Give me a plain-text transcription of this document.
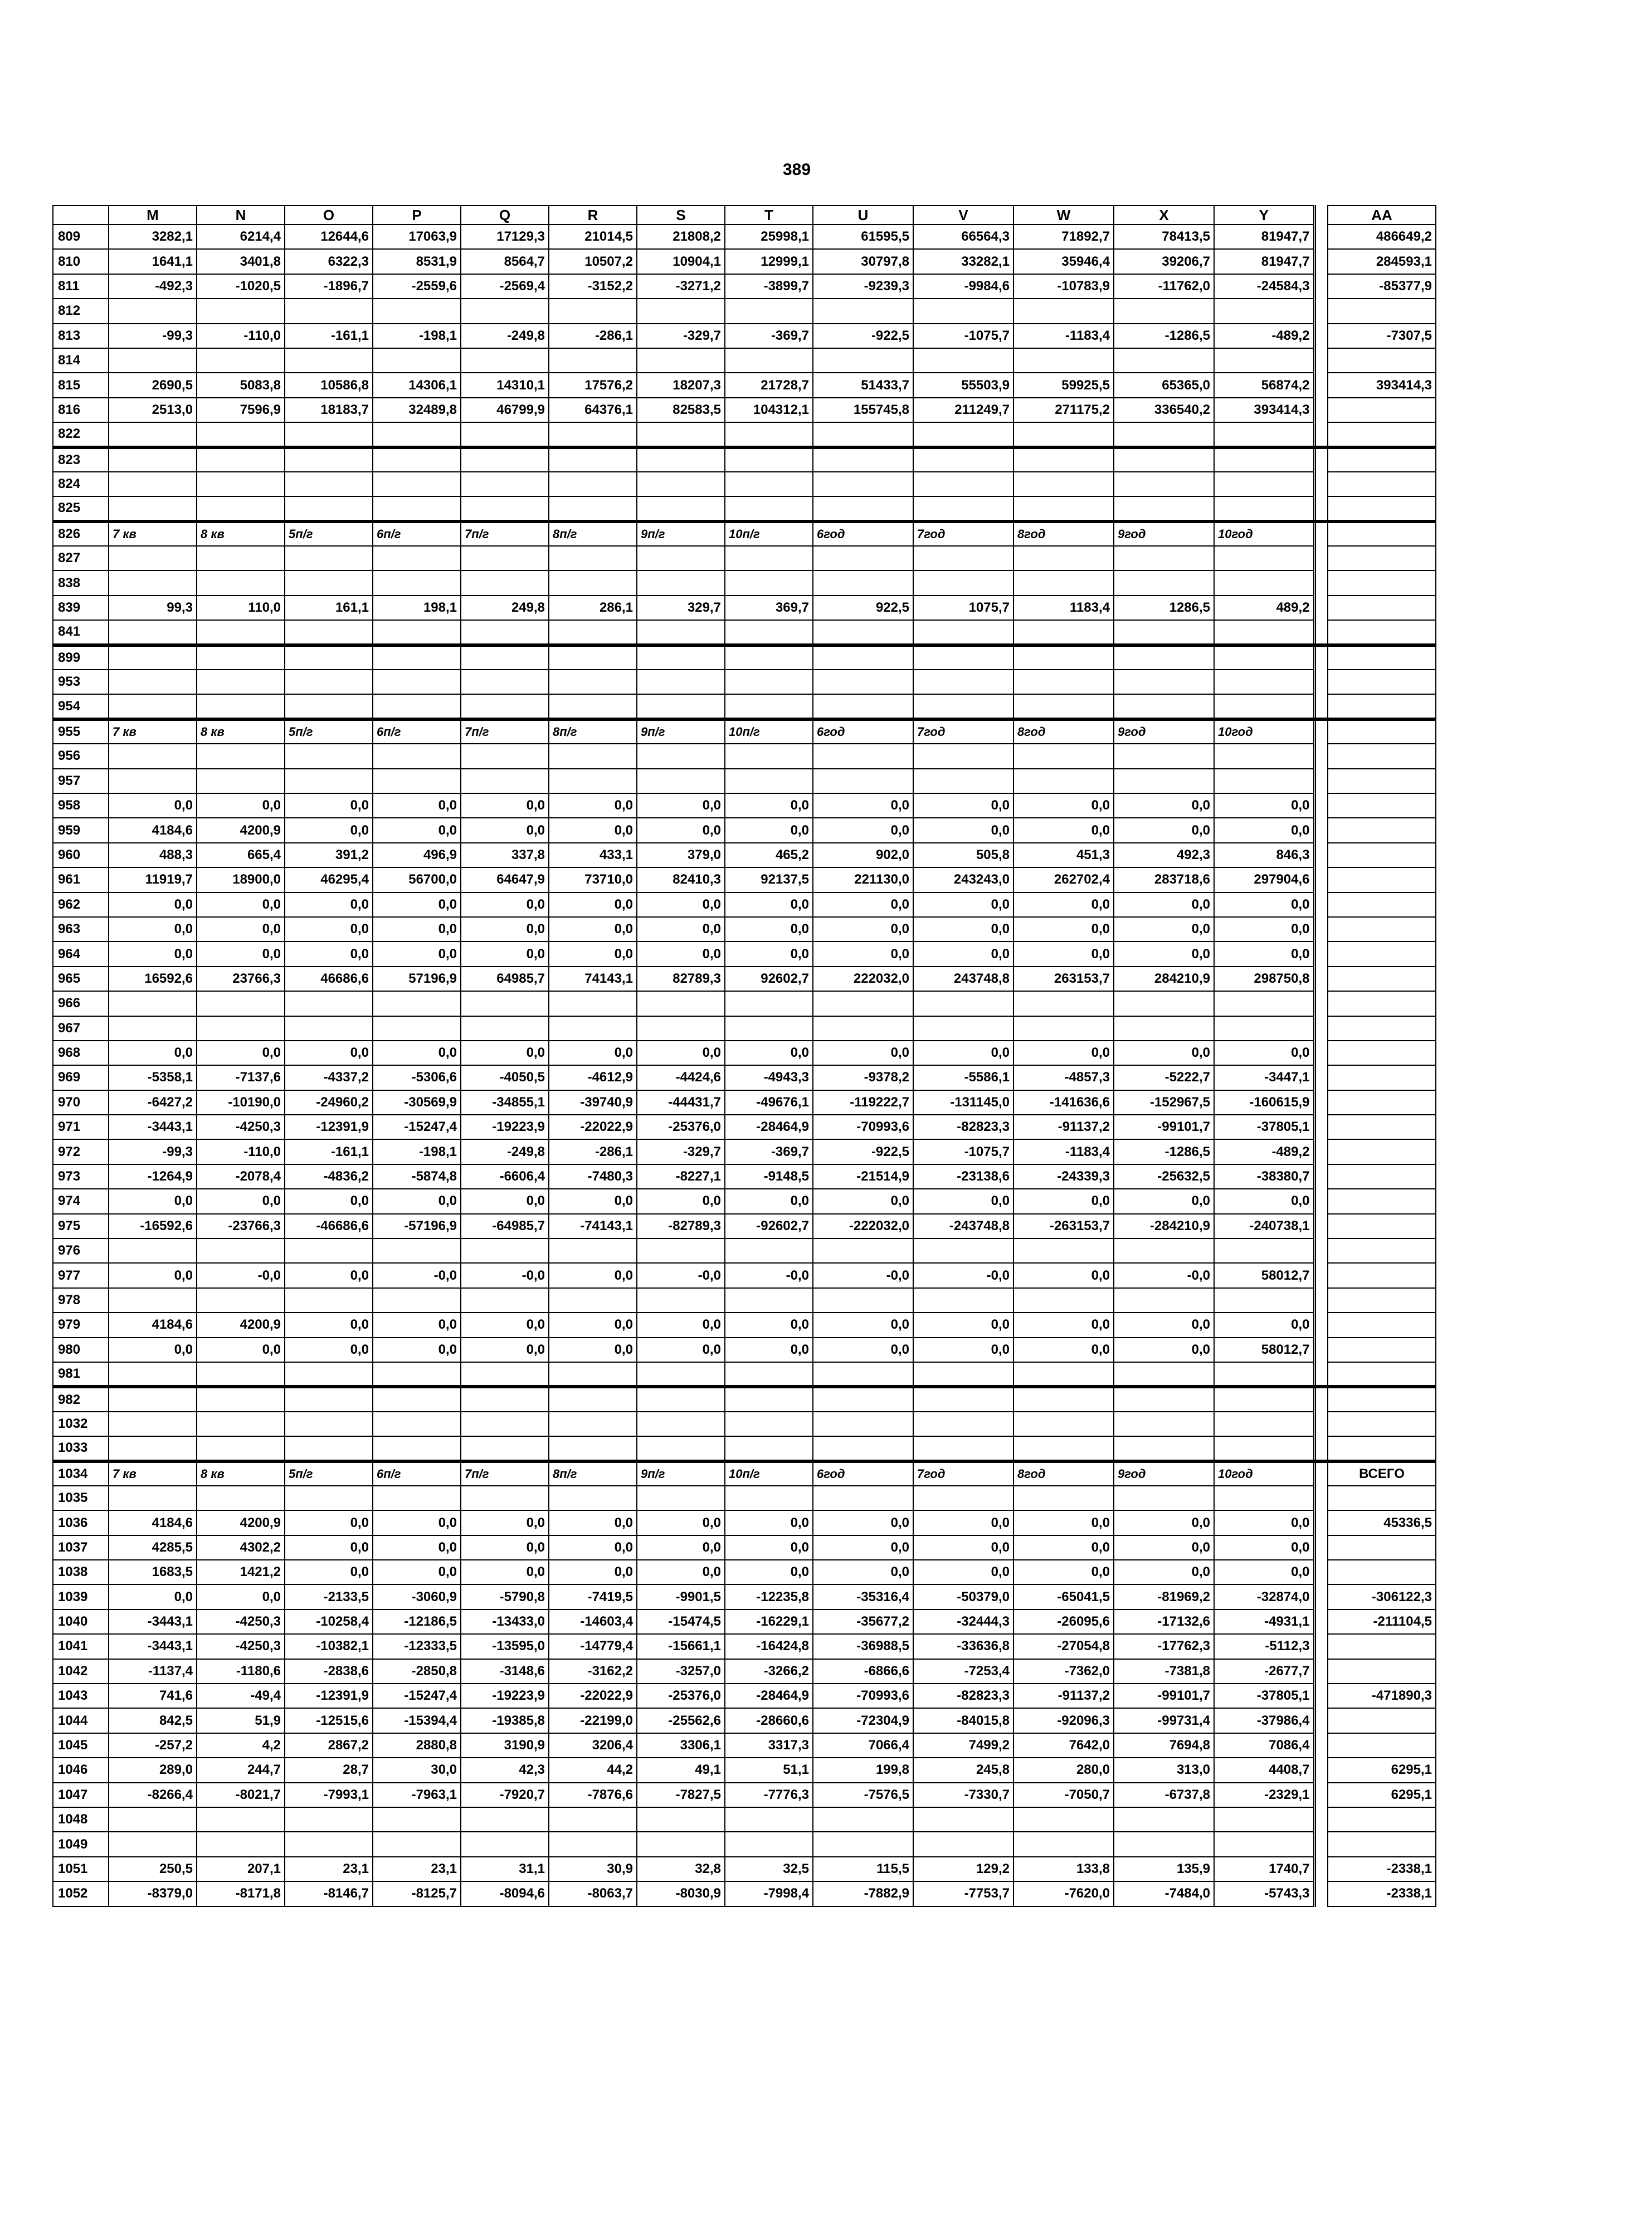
389
	M	N	O	P	Q	R	S	T	U	V	W	X	Y		AA
809	3282,1	6214,4	12644,6	17063,9	17129,3	21014,5	21808,2	25998,1	61595,5	66564,3	71892,7	78413,5	81947,7		486649,2
810	1641,1	3401,8	6322,3	8531,9	8564,7	10507,2	10904,1	12999,1	30797,8	33282,1	35946,4	39206,7	81947,7		284593,1
811	-492,3	-1020,5	-1896,7	-2559,6	-2569,4	-3152,2	-3271,2	-3899,7	-9239,3	-9984,6	-10783,9	-11762,0	-24584,3		-85377,9
812															
813	-99,3	-110,0	-161,1	-198,1	-249,8	-286,1	-329,7	-369,7	-922,5	-1075,7	-1183,4	-1286,5	-489,2		-7307,5
814															
815	2690,5	5083,8	10586,8	14306,1	14310,1	17576,2	18207,3	21728,7	51433,7	55503,9	59925,5	65365,0	56874,2		393414,3
816	2513,0	7596,9	18183,7	32489,8	46799,9	64376,1	82583,5	104312,1	155745,8	211249,7	271175,2	336540,2	393414,3		
822															
823															
824															
825															
826	7 кв	8 кв	5п/г	6п/г	7п/г	8п/г	9п/г	10п/г	6год	7год	8год	9год	10год		
827															
838															
839	99,3	110,0	161,1	198,1	249,8	286,1	329,7	369,7	922,5	1075,7	1183,4	1286,5	489,2		
841															
899															
953															
954															
955	7 кв	8 кв	5п/г	6п/г	7п/г	8п/г	9п/г	10п/г	6год	7год	8год	9год	10год		
956															
957															
958	0,0	0,0	0,0	0,0	0,0	0,0	0,0	0,0	0,0	0,0	0,0	0,0	0,0		
959	4184,6	4200,9	0,0	0,0	0,0	0,0	0,0	0,0	0,0	0,0	0,0	0,0	0,0		
960	488,3	665,4	391,2	496,9	337,8	433,1	379,0	465,2	902,0	505,8	451,3	492,3	846,3		
961	11919,7	18900,0	46295,4	56700,0	64647,9	73710,0	82410,3	92137,5	221130,0	243243,0	262702,4	283718,6	297904,6		
962	0,0	0,0	0,0	0,0	0,0	0,0	0,0	0,0	0,0	0,0	0,0	0,0	0,0		
963	0,0	0,0	0,0	0,0	0,0	0,0	0,0	0,0	0,0	0,0	0,0	0,0	0,0		
964	0,0	0,0	0,0	0,0	0,0	0,0	0,0	0,0	0,0	0,0	0,0	0,0	0,0		
965	16592,6	23766,3	46686,6	57196,9	64985,7	74143,1	82789,3	92602,7	222032,0	243748,8	263153,7	284210,9	298750,8		
966															
967															
968	0,0	0,0	0,0	0,0	0,0	0,0	0,0	0,0	0,0	0,0	0,0	0,0	0,0		
969	-5358,1	-7137,6	-4337,2	-5306,6	-4050,5	-4612,9	-4424,6	-4943,3	-9378,2	-5586,1	-4857,3	-5222,7	-3447,1		
970	-6427,2	-10190,0	-24960,2	-30569,9	-34855,1	-39740,9	-44431,7	-49676,1	-119222,7	-131145,0	-141636,6	-152967,5	-160615,9		
971	-3443,1	-4250,3	-12391,9	-15247,4	-19223,9	-22022,9	-25376,0	-28464,9	-70993,6	-82823,3	-91137,2	-99101,7	-37805,1		
972	-99,3	-110,0	-161,1	-198,1	-249,8	-286,1	-329,7	-369,7	-922,5	-1075,7	-1183,4	-1286,5	-489,2		
973	-1264,9	-2078,4	-4836,2	-5874,8	-6606,4	-7480,3	-8227,1	-9148,5	-21514,9	-23138,6	-24339,3	-25632,5	-38380,7		
974	0,0	0,0	0,0	0,0	0,0	0,0	0,0	0,0	0,0	0,0	0,0	0,0	0,0		
975	-16592,6	-23766,3	-46686,6	-57196,9	-64985,7	-74143,1	-82789,3	-92602,7	-222032,0	-243748,8	-263153,7	-284210,9	-240738,1		
976															
977	0,0	-0,0	0,0	-0,0	-0,0	0,0	-0,0	-0,0	-0,0	-0,0	0,0	-0,0	58012,7		
978															
979	4184,6	4200,9	0,0	0,0	0,0	0,0	0,0	0,0	0,0	0,0	0,0	0,0	0,0		
980	0,0	0,0	0,0	0,0	0,0	0,0	0,0	0,0	0,0	0,0	0,0	0,0	58012,7		
981															
982															
1032															
1033															
1034	7 кв	8 кв	5п/г	6п/г	7п/г	8п/г	9п/г	10п/г	6год	7год	8год	9год	10год		ВСЕГО
1035															
1036	4184,6	4200,9	0,0	0,0	0,0	0,0	0,0	0,0	0,0	0,0	0,0	0,0	0,0		45336,5
1037	4285,5	4302,2	0,0	0,0	0,0	0,0	0,0	0,0	0,0	0,0	0,0	0,0	0,0		
1038	1683,5	1421,2	0,0	0,0	0,0	0,0	0,0	0,0	0,0	0,0	0,0	0,0	0,0		
1039	0,0	0,0	-2133,5	-3060,9	-5790,8	-7419,5	-9901,5	-12235,8	-35316,4	-50379,0	-65041,5	-81969,2	-32874,0		-306122,3
1040	-3443,1	-4250,3	-10258,4	-12186,5	-13433,0	-14603,4	-15474,5	-16229,1	-35677,2	-32444,3	-26095,6	-17132,6	-4931,1		-211104,5
1041	-3443,1	-4250,3	-10382,1	-12333,5	-13595,0	-14779,4	-15661,1	-16424,8	-36988,5	-33636,8	-27054,8	-17762,3	-5112,3		
1042	-1137,4	-1180,6	-2838,6	-2850,8	-3148,6	-3162,2	-3257,0	-3266,2	-6866,6	-7253,4	-7362,0	-7381,8	-2677,7		
1043	741,6	-49,4	-12391,9	-15247,4	-19223,9	-22022,9	-25376,0	-28464,9	-70993,6	-82823,3	-91137,2	-99101,7	-37805,1		-471890,3
1044	842,5	51,9	-12515,6	-15394,4	-19385,8	-22199,0	-25562,6	-28660,6	-72304,9	-84015,8	-92096,3	-99731,4	-37986,4		
1045	-257,2	4,2	2867,2	2880,8	3190,9	3206,4	3306,1	3317,3	7066,4	7499,2	7642,0	7694,8	7086,4		
1046	289,0	244,7	28,7	30,0	42,3	44,2	49,1	51,1	199,8	245,8	280,0	313,0	4408,7		6295,1
1047	-8266,4	-8021,7	-7993,1	-7963,1	-7920,7	-7876,6	-7827,5	-7776,3	-7576,5	-7330,7	-7050,7	-6737,8	-2329,1		6295,1
1048															
1049															
1051	250,5	207,1	23,1	23,1	31,1	30,9	32,8	32,5	115,5	129,2	133,8	135,9	1740,7		-2338,1
1052	-8379,0	-8171,8	-8146,7	-8125,7	-8094,6	-8063,7	-8030,9	-7998,4	-7882,9	-7753,7	-7620,0	-7484,0	-5743,3		-2338,1
